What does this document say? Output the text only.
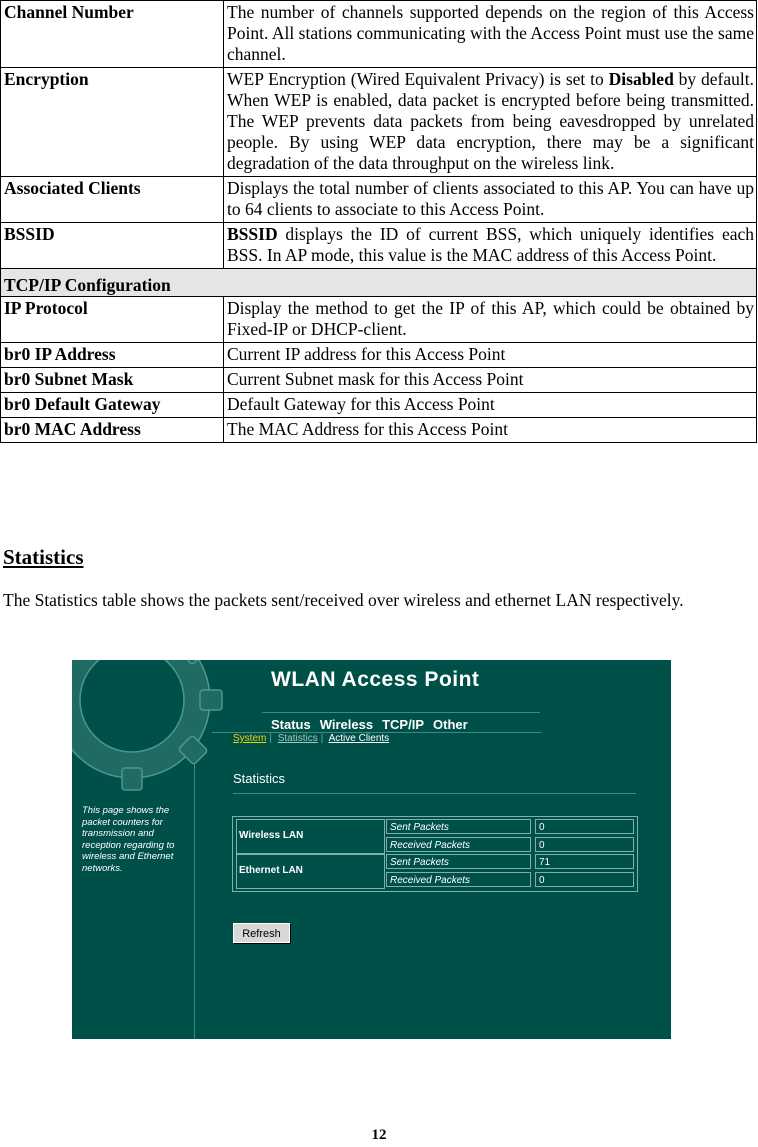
Channel Number	The number of channels supported depends on the region of this Access Point. All stations communicating with the Access Point must use the same channel.
Encryption	WEP Encryption (Wired Equivalent Privacy) is set to Disabled by default. When WEP is enabled, data packet is encrypted before being transmitted. The WEP prevents data packets from being eavesdropped by unrelated people. By using WEP data encryption, there may be a significant degradation of the data throughput on the wireless link.
Associated Clients	Displays the total number of clients associated to this AP. You can have up to 64 clients to associate to this Access Point.
BSSID	BSSID displays the ID of current BSS, which uniquely identifies each BSS. In AP mode, this value is the MAC address of this Access Point.
TCP/IP Configuration	
IP Protocol	Display the method to get the IP of this AP, which could be obtained by Fixed-IP or DHCP-client.
br0 IP Address	Current IP address for this Access Point
br0 Subnet Mask	Current Subnet mask for this Access Point
br0 Default Gateway	Default Gateway for this Access Point
br0 MAC Address	The MAC Address for this Access Point
Statistics

The Statistics table shows the packets sent/received over wireless and ethernet LAN respectively.

This page shows the packet counters for transmission and reception regarding to wireless and Ethernet networks.
WLAN Access Point
Status Wireless TCP/IP Other
System | Statistics | Active Clients
Statistics
Wireless LAN
Sent Packets	0
Received Packets	0
Ethernet LAN
Sent Packets	71
Received Packets	0
Refresh
12
